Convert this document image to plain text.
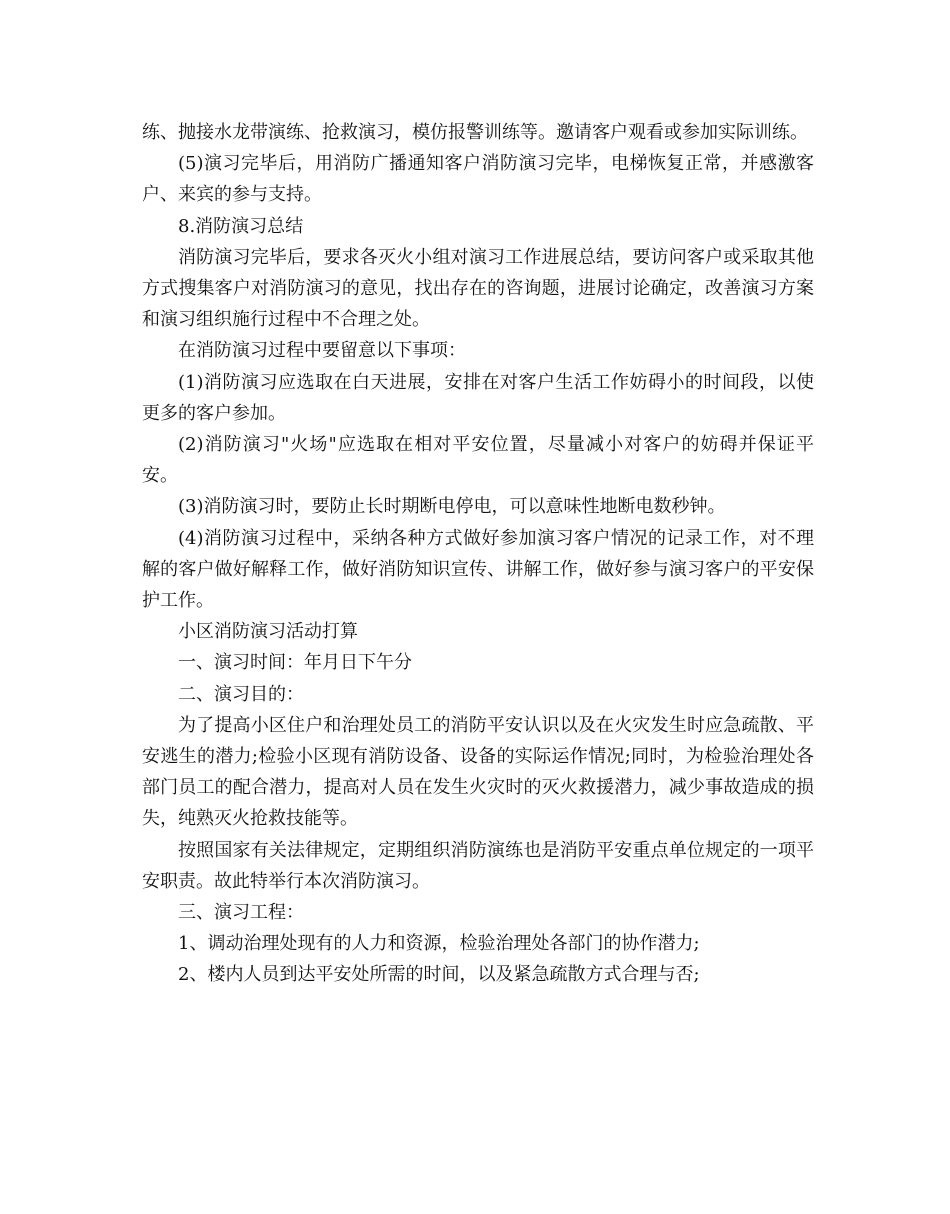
练、抛接水龙带演练、抢救演习，模仿报警训练等。邀请客户观看或参加实际训练。

(5)演习完毕后，用消防广播通知客户消防演习完毕，电梯恢复正常，并感激客户、来宾的参与支持。

8.消防演习总结

消防演习完毕后，要求各灭火小组对演习工作进展总结，要访问客户或采取其他方式搜集客户对消防演习的意见，找出存在的咨询题，进展讨论确定，改善演习方案和演习组织施行过程中不合理之处。

在消防演习过程中要留意以下事项：

(1)消防演习应选取在白天进展，安排在对客户生活工作妨碍小的时间段，以使更多的客户参加。

(2)消防演习"火场"应选取在相对平安位置，尽量减小对客户的妨碍并保证平安。

(3)消防演习时，要防止长时期断电停电，可以意味性地断电数秒钟。

(4)消防演习过程中，采纳各种方式做好参加演习客户情况的记录工作，对不理解的客户做好解释工作，做好消防知识宣传、讲解工作，做好参与演习客户的平安保护工作。

小区消防演习活动打算

一、演习时间：年月日下午分

二、演习目的：

为了提高小区住户和治理处员工的消防平安认识以及在火灾发生时应急疏散、平安逃生的潜力;检验小区现有消防设备、设备的实际运作情况;同时，为检验治理处各部门员工的配合潜力，提高对人员在发生火灾时的灭火救援潜力，减少事故造成的损失，纯熟灭火抢救技能等。

按照国家有关法律规定，定期组织消防演练也是消防平安重点单位规定的一项平安职责。故此特举行本次消防演习。

三、演习工程：

1、调动治理处现有的人力和资源，检验治理处各部门的协作潜力;

2、楼内人员到达平安处所需的时间，以及紧急疏散方式合理与否;
